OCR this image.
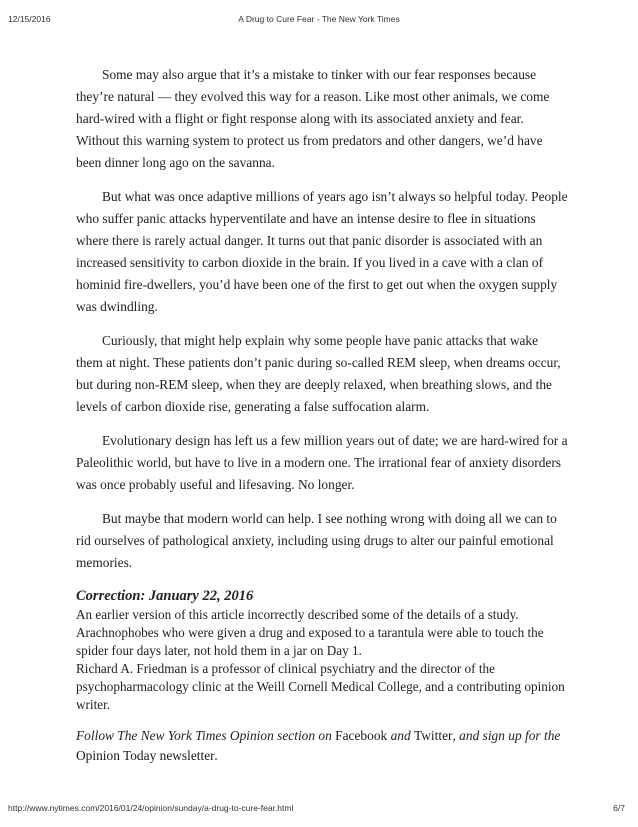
12/15/2016	A Drug to Cure Fear - The New York Times

Some may also argue that it’s a mistake to tinker with our fear responses because they’re natural — they evolved this way for a reason. Like most other animals, we come hard-wired with a flight or fight response along with its associated anxiety and fear. Without this warning system to protect us from predators and other dangers, we’d have been dinner long ago on the savanna.

But what was once adaptive millions of years ago isn’t always so helpful today. People who suffer panic attacks hyperventilate and have an intense desire to flee in situations where there is rarely actual danger. It turns out that panic disorder is associated with an increased sensitivity to carbon dioxide in the brain. If you lived in a cave with a clan of hominid fire-dwellers, you’d have been one of the first to get out when the oxygen supply was dwindling.

Curiously, that might help explain why some people have panic attacks that wake them at night. These patients don’t panic during so-called REM sleep, when dreams occur, but during non-REM sleep, when they are deeply relaxed, when breathing slows, and the levels of carbon dioxide rise, generating a false suffocation alarm.

Evolutionary design has left us a few million years out of date; we are hard-wired for a Paleolithic world, but have to live in a modern one. The irrational fear of anxiety disorders was once probably useful and lifesaving. No longer.

But maybe that modern world can help. I see nothing wrong with doing all we can to rid ourselves of pathological anxiety, including using drugs to alter our painful emotional memories.

Correction: January 22, 2016
An earlier version of this article incorrectly described some of the details of a study. Arachnophobes who were given a drug and exposed to a tarantula were able to touch the spider four days later, not hold them in a jar on Day 1.
Richard A. Friedman is a professor of clinical psychiatry and the director of the psychopharmacology clinic at the Weill Cornell Medical College, and a contributing opinion writer.
Follow The New York Times Opinion section on Facebook and Twitter, and sign up for the Opinion Today newsletter.
http://www.nytimes.com/2016/01/24/opinion/sunday/a-drug-to-cure-fear.html	6/7
